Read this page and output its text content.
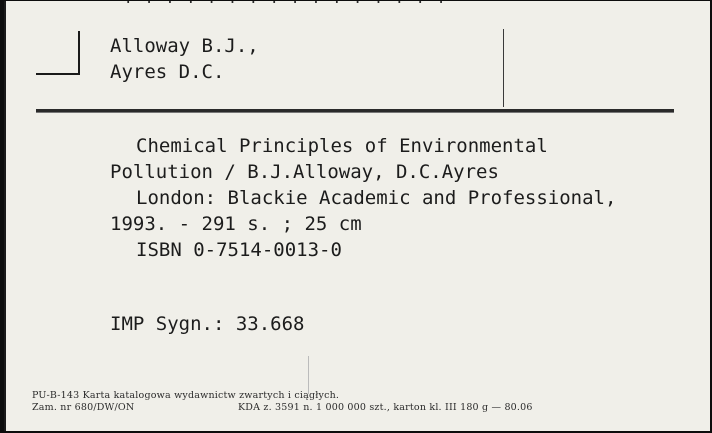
· · · · · · · · · · · · · · · ·
Alloway B.J.,
Ayres D.C.
Chemical Principles of Environmental
Pollution / B.J.Alloway, D.C.Ayres
London: Blackie Academic and Professional,
1993. - 291 s. ; 25 cm
ISBN 0-7514-0013-0
IMP Sygn.: 33.668
PU-B-143 Karta katalogowa wydawnictw zwartych i ciągłych.
Zam. nr 680/DW/ON	KDA z. 3591 n. 1 000 000 szt., karton kl. III 180 g — 80.06
